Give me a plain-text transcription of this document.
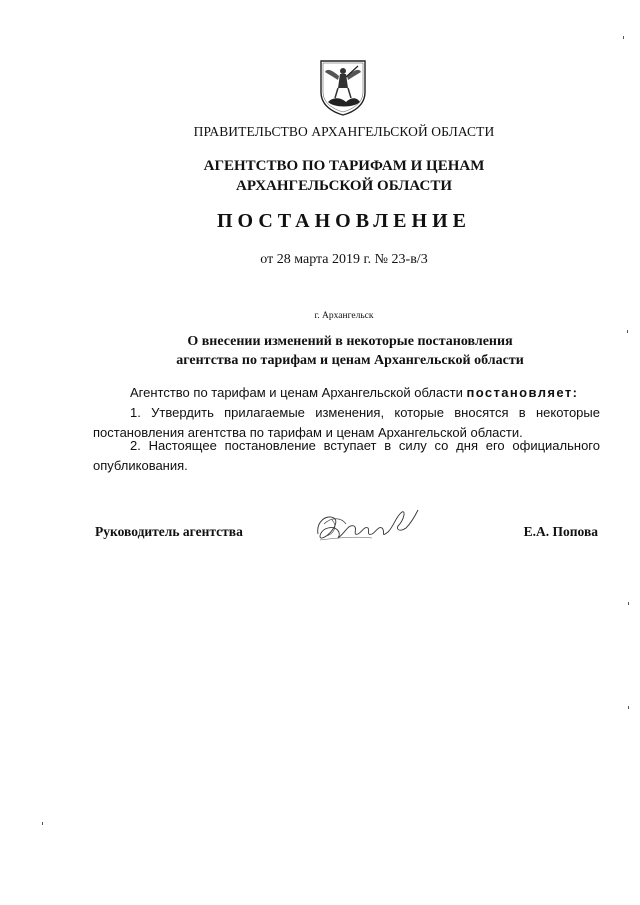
ПРАВИТЕЛЬСТВО АРХАНГЕЛЬСКОЙ ОБЛАСТИ
АГЕНТСТВО ПО ТАРИФАМ И ЦЕНАМ
АРХАНГЕЛЬСКОЙ ОБЛАСТИ
ПОСТАНОВЛЕНИЕ
от 28 марта 2019 г. № 23-в/3
г. Архангельск
О внесении изменений в некоторые постановления
агентства по тарифам и ценам Архангельской области
Агентство по тарифам и ценам Архангельской области постановляет:
1. Утвердить прилагаемые изменения, которые вносятся в некоторые постановления агентства по тарифам и ценам Архангельской области.
2. Настоящее постановление вступает в силу со дня его официального опубликования.
Руководитель агентства	Е.А. Попова
